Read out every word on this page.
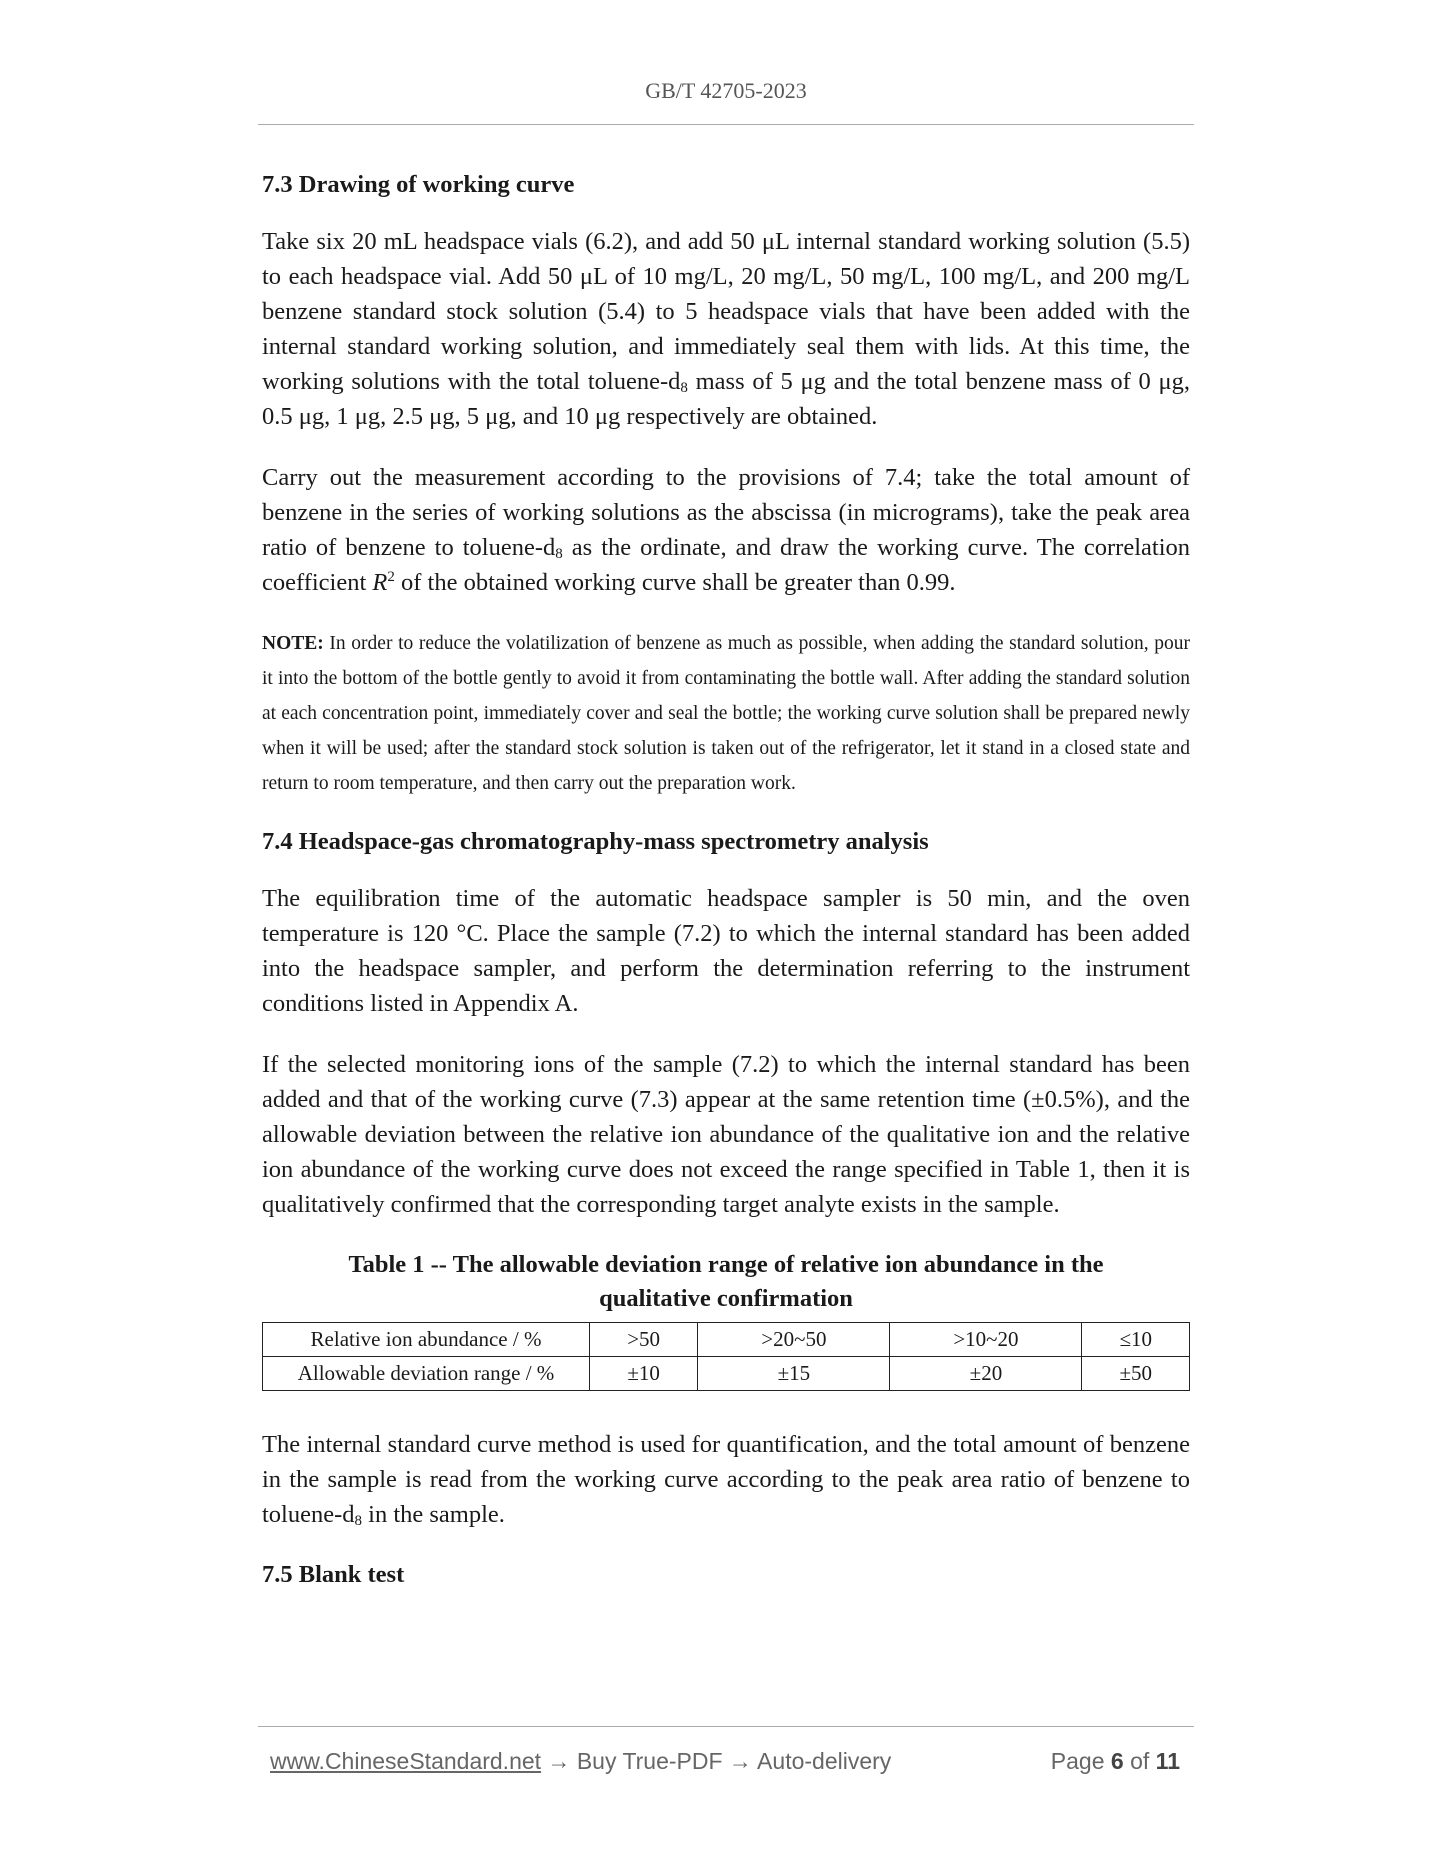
GB/T 42705-2023
7.3 Drawing of working curve

Take six 20 mL headspace vials (6.2), and add 50 μL internal standard working solution (5.5) to each headspace vial. Add 50 μL of 10 mg/L, 20 mg/L, 50 mg/L, 100 mg/L, and 200 mg/L benzene standard stock solution (5.4) to 5 headspace vials that have been added with the internal standard working solution, and immediately seal them with lids. At this time, the working solutions with the total toluene-$d_8$ mass of 5 μg and the total benzene mass of 0 μg, 0.5 μg, 1 μg, 2.5 μg, 5 μg, and 10 μg respectively are obtained.

Carry out the measurement according to the provisions of 7.4; take the total amount of benzene in the series of working solutions as the abscissa (in micrograms), take the peak area ratio of benzene to toluene-$d_8$ as the ordinate, and draw the working curve. The correlation coefficient $R^2$ of the obtained working curve shall be greater than 0.99.

NOTE: In order to reduce the volatilization of benzene as much as possible, when adding the standard solution, pour it into the bottom of the bottle gently to avoid it from contaminating the bottle wall. After adding the standard solution at each concentration point, immediately cover and seal the bottle; the working curve solution shall be prepared newly when it will be used; after the standard stock solution is taken out of the refrigerator, let it stand in a closed state and return to room temperature, and then carry out the preparation work.

7.4 Headspace-gas chromatography-mass spectrometry analysis

The equilibration time of the automatic headspace sampler is 50 min, and the oven temperature is 120 °C. Place the sample (7.2) to which the internal standard has been added into the headspace sampler, and perform the determination referring to the instrument conditions listed in Appendix A.

If the selected monitoring ions of the sample (7.2) to which the internal standard has been added and that of the working curve (7.3) appear at the same retention time (±0.5%), and the allowable deviation between the relative ion abundance of the qualitative ion and the relative ion abundance of the working curve does not exceed the range specified in Table 1, then it is qualitatively confirmed that the corresponding target analyte exists in the sample.

Table 1 -- The allowable deviation range of relative ion abundance in the qualitative confirmation
Relative ion abundance / %	>50	>20~50	>10~20	≤10
Allowable deviation range / %	±10	±15	±20	±50

The internal standard curve method is used for quantification, and the total amount of benzene in the sample is read from the working curve according to the peak area ratio of benzene to toluene-$d_8$ in the sample.

7.5 Blank test
www.ChineseStandard.net → Buy True-PDF → Auto-delivery	Page 6 of 11
